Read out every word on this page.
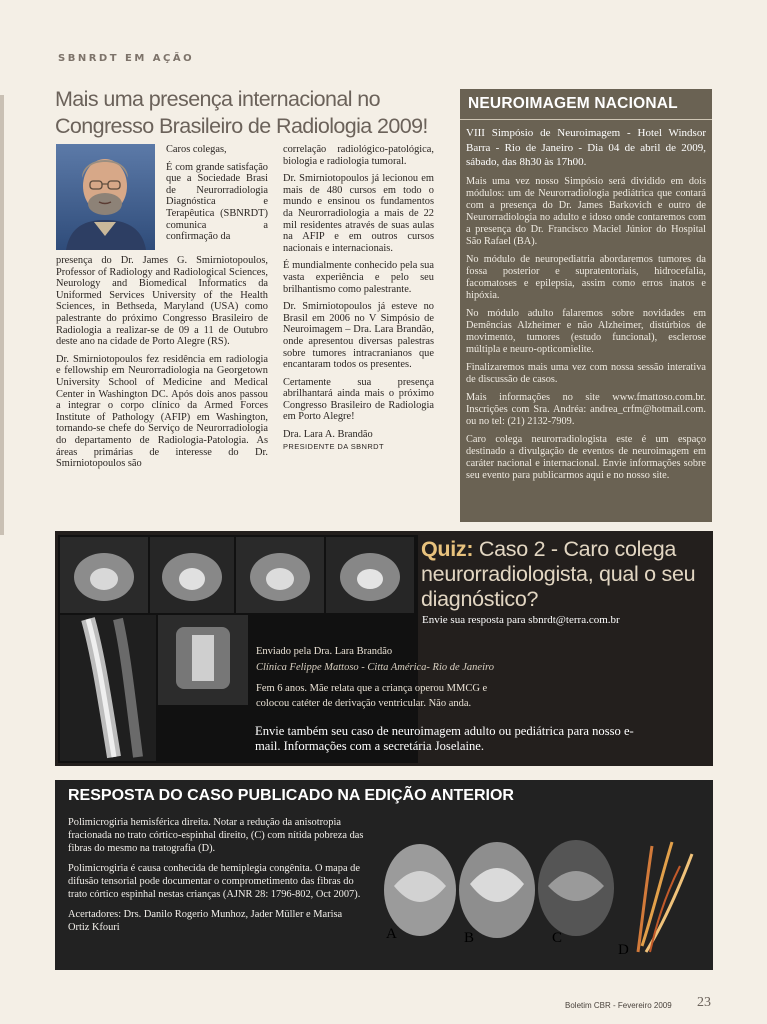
SBNRDT EM AÇÃO
Mais uma presença internacional no
Congresso Brasileiro de Radiologia 2009!

Caros colegas,

É com grande satisfação que a Sociedade Brasi de Neurorradiologia Diagnóstica e Terapêutica (SBNRDT) comunica a confirmação da

presença do Dr. James G. Smirniotopoulos, Professor of Radiology and Radiological Sciences, Neurology and Biomedical Informatics da Uniformed Services University of the Health Sciences, in Bethseda, Maryland (USA) como palestrante do próximo Congresso Brasileiro de Radiologia a realizar-se de 09 a 11 de Outubro deste ano na cidade de Porto Alegre (RS).

Dr. Smirniotopoulos fez residência em radiologia e fellowship em Neurorradiologia na Georgetown University School of Medicine and Medical Center in Washington DC. Após dois anos passou a integrar o corpo clínico da Armed Forces Institute of Pathology (AFIP) em Washington, tornando-se chefe do Serviço de Neurorradiologia do departamento de Radiologia-Patologia. As áreas primárias de interesse do Dr. Smirniotopoulos são

correlação radiológico-patológica, biologia e radiologia tumoral.

Dr. Smirniotopoulos já lecionou em mais de 480 cursos em todo o mundo e ensinou os fundamentos da Neurorradiologia a mais de 22 mil residentes através de suas aulas na AFIP e em outros cursos nacionais e internacionais.

É mundialmente conhecido pela sua vasta experiência e pelo seu brilhantismo como palestrante.

Dr. Smirniotopoulos já esteve no Brasil em 2006 no V Simpósio de Neuroimagem – Dra. Lara Brandão, onde apresentou diversas palestras sobre tumores intracranianos que encantaram todos os presentes.

Certamente sua presença abrilhantará ainda mais o próximo Congresso Brasileiro de Radiologia em Porto Alegre!

Dra. Lara A. Brandão
PRESIDENTE DA SBNRDT
NEUROIMAGEM NACIONAL
VIII Simpósio de Neuroimagem - Hotel Windsor Barra - Rio de Janeiro - Dia 04 de abril de 2009, sábado, das 8h30 às 17h00.

Mais uma vez nosso Simpósio será dividido em dois módulos: um de Neurorradiologia pediátrica que contará com a presença do Dr. James Barkovich e outro de Neurorradiologia no adulto e idoso onde contaremos com a presença do Dr. Francisco Maciel Júnior do Hospital São Rafael (BA).

No módulo de neuropediatria abordaremos tumores da fossa posterior e supratentoriais, hidrocefalia, facomatoses e epilepsia, assim como erros inatos e hipóxia.

No módulo adulto falaremos sobre novidades em Demências Alzheimer e não Alzheimer, distúrbios de movimento, tumores (estudo funcional), esclerose múltipla e neuro-opticomielite.

Finalizaremos mais uma vez com nossa sessão interativa de discussão de casos.

Mais informações no site www.fmattoso.com.br. Inscrições com Sra. Andréa: andrea_crfm@hotmail.com. ou no tel: (21) 2132-7909.

Caro colega neurorradiologista este é um espaço destinado a divulgação de eventos de neuroimagem em caráter nacional e internacional. Envie informações sobre seu evento para publicarmos aqui e no nosso site.

Quiz: Caso 2 - Caro colega neurorradiologista, qual o seu diagnóstico?
Envie sua resposta para sbnrdt@terra.com.br
Enviado pela Dra. Lara Brandão
Clínica Felippe Mattoso - Citta América- Rio de Janeiro
Fem 6 anos. Mãe relata que a criança operou MMCG e
colocou catéter de derivação ventricular. Não anda.
Envie também seu caso de neuroimagem adulto ou pediátrica para nosso e-mail. Informações com a secretária Joselaine.
RESPOSTA DO CASO PUBLICADO NA EDIÇÃO ANTERIOR

Polimicrogiria hemisférica direita. Notar a redução da anisotropia fracionada no trato córtico-espinhal direito, (C) com nítida pobreza das fibras do mesmo na tratografia (D).

Polimicrogiria é causa conhecida de hemiplegia congênita. O mapa de difusão tensorial pode documentar o comprometimento das fibras do trato córtico espinhal nestas crianças (AJNR 28: 1796-802, Oct 2007).

Acertadores: Drs. Danilo Rogerio Munhoz, Jader Müller e Marisa Ortiz Kfouri	A	B	C
D
Boletim CBR - Fevereiro 2009 23
